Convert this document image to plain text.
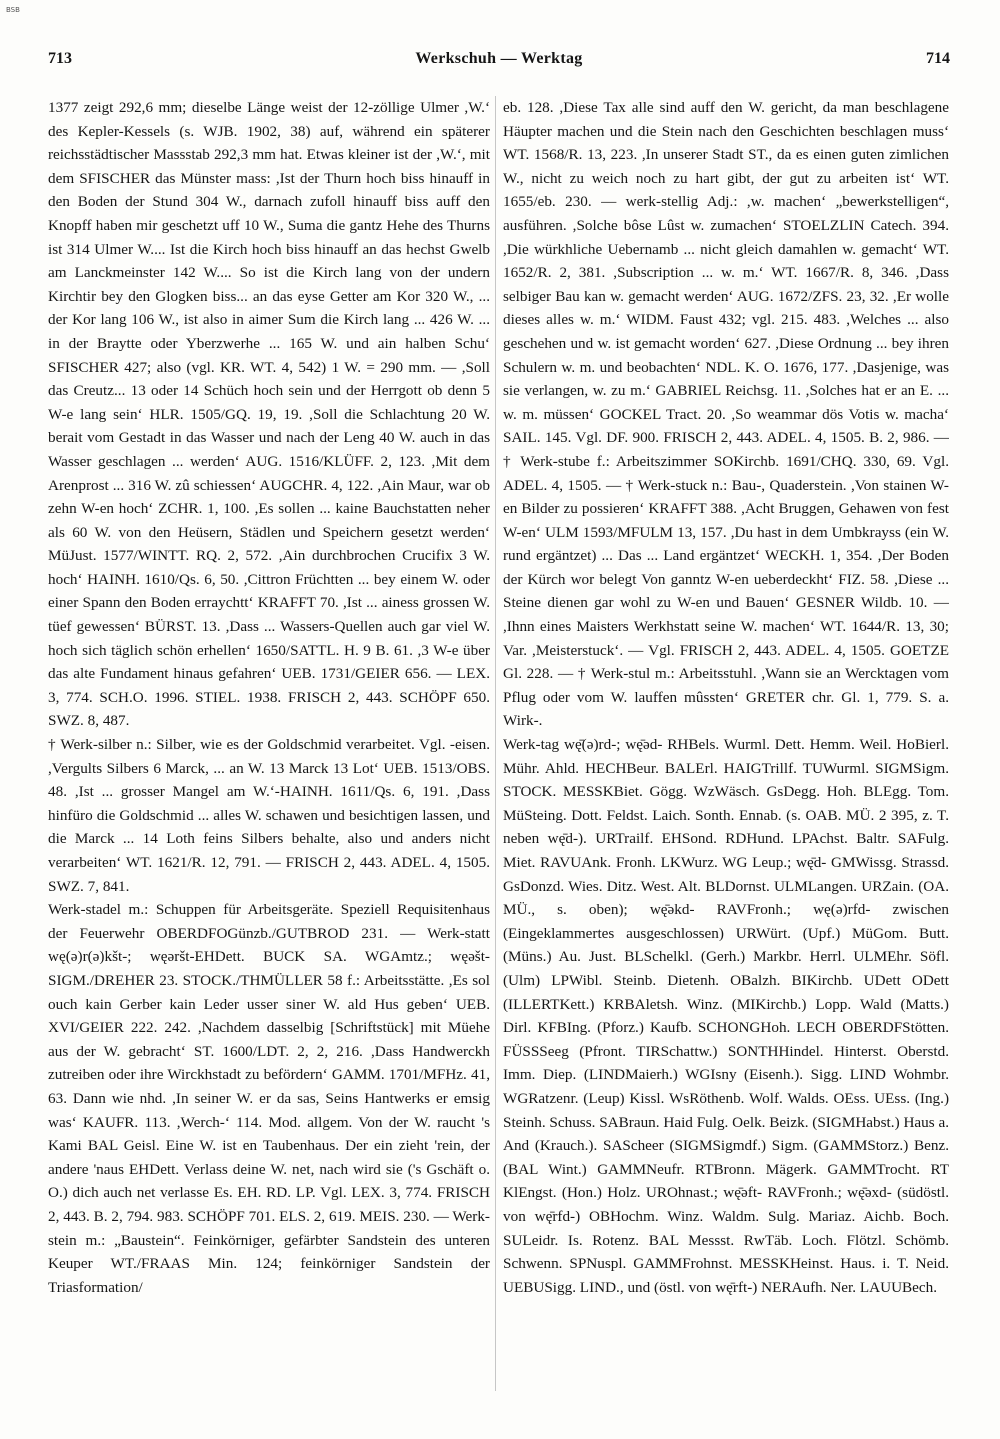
BSB
713	Werkschuh — Werktag	714

1377 zeigt 292,6 mm; dieselbe Länge weist der 12-zöllige Ulmer ,W.‘ des Kepler-Kessels (s. WJB. 1902, 38) auf, während ein späterer reichsstädtischer Massstab 292,3 mm hat. Etwas kleiner ist der ,W.‘, mit dem SFISCHER das Münster mass: ,Ist der Thurn hoch biss hinauff in den Boden der Stund 304 W., darnach zufoll hinauff biss auff den Knopff haben mir geschetzt uff 10 W., Suma die gantz Hehe des Thurns ist 314 Ulmer W.... Ist die Kirch hoch biss hinauff an das hechst Gwelb am Lanckmeinster 142 W.... So ist die Kirch lang von der undern Kirchtir bey den Glogken biss... an das eyse Getter am Kor 320 W., ... der Kor lang 106 W., ist also in aimer Sum die Kirch lang ... 426 W. ... in der Braytte oder Yberzwerhe ... 165 W. und ain halben Schu‘ SFISCHER 427; also (vgl. KR. WT. 4, 542) 1 W. = 290 mm. — ,Soll das Creutz... 13 oder 14 Schüch hoch sein und der Herrgott ob denn 5 W-e lang sein‘ HLR. 1505/GQ. 19, 19. ,Soll die Schlachtung 20 W. berait vom Gestadt in das Wasser und nach der Leng 40 W. auch in das Wasser geschlagen ... werden‘ AUG. 1516/KLÜFF. 2, 123. ,Mit dem Arenprost ... 316 W. zû schiessen‘ AUGCHR. 4, 122. ,Ain Maur, war ob zehn W-en hoch‘ ZCHR. 1, 100. ,Es sollen ... kaine Bauchstatten neher als 60 W. von den Heüsern, Städlen und Speichern gesetzt werden‘ MüJust. 1577/WINTT. RQ. 2, 572. ,Ain durchbrochen Crucifix 3 W. hoch‘ HAINH. 1610/Qs. 6, 50. ,Cittron Früchtten ... bey einem W. oder einer Spann den Boden erraychtt‘ KRAFFT 70. ,Ist ... ainess grossen W. tüef gewessen‘ BÜRST. 13. ,Dass ... Wassers-Quellen auch gar viel W. hoch sich täglich schön erhellen‘ 1650/SATTL. H. 9 B. 61. ,3 W-e über das alte Fundament hinaus gefahren‘ UEB. 1731/GEIER 656. — LEX. 3, 774. SCH.O. 1996. STIEL. 1938. FRISCH 2, 443. SCHÖPF 650. SWZ. 8, 487.

† Werk-silber n.: Silber, wie es der Goldschmid verarbeitet. Vgl. -eisen. ,Vergults Silbers 6 Marck, ... an W. 13 Marck 13 Lot‘ UEB. 1513/OBS. 48. ,Ist ... grosser Mangel am W.‘-HAINH. 1611/Qs. 6, 191. ,Dass hinfüro die Goldschmid ... alles W. schawen und besichtigen lassen, und die Marck ... 14 Loth feins Silbers behalte, also und anders nicht verarbeiten‘ WT. 1621/R. 12, 791. — FRISCH 2, 443. ADEL. 4, 1505. SWZ. 7, 841.

Werk-stadel m.: Schuppen für Arbeitsgeräte. Speziell Requisitenhaus der Feuerwehr OBERDFOGünzb./GUTBROD 231. — Werk-statt wę(ə)r(ə)kšt-; węəršt-EHDett. BUCK SA. WGAmtz.; węəšt- SIGM./DREHER 23. STOCK./THMÜLLER 58 f.: Arbeitsstätte. ,Es sol ouch kain Gerber kain Leder usser siner W. ald Hus geben‘ UEB. XVI/GEIER 222. 242. ,Nachdem dasselbig [Schriftstück] mit Müehe aus der W. gebracht‘ ST. 1600/LDT. 2, 2, 216. ,Dass Handwerckh zutreiben oder ihre Wirckhstadt zu befördern‘ GAMM. 1701/MFHz. 41, 63. Dann wie nhd. ,In seiner W. er da sas, Seins Hantwerks er emsig was‘ KAUFR. 113. ,Werch-‘ 114. Mod. allgem. Von der W. raucht 's Kami BAL Geisl. Eine W. ist en Taubenhaus. Der ein zieht 'rein, der andere 'naus EHDett. Verlass deine W. net, nach wird sie ('s Gschäft o. O.) dich auch net verlasse Es. EH. RD. LP. Vgl. LEX. 3, 774. FRISCH 2, 443. B. 2, 794. 983. SCHÖPF 701. ELS. 2, 619. MEIS. 230. — Werk-stein m.: „Baustein“. Feinkörniger, gefärbter Sandstein des unteren Keuper WT./FRAAS Min. 124; feinkörniger Sandstein der Triasformation/

eb. 128. ,Diese Tax alle sind auff den W. gericht, da man beschlagene Häupter machen und die Stein nach den Geschichten beschlagen muss‘ WT. 1568/R. 13, 223. ,In unserer Stadt ST., da es einen guten zimlichen W., nicht zu weich noch zu hart gibt, der gut zu arbeiten ist‘ WT. 1655/eb. 230. — werk-stellig Adj.: ,w. machen‘ „bewerkstelligen“, ausführen. ,Solche bôse Lûst w. zumachen‘ STOELZLIN Catech. 394. ,Die würkhliche Uebernamb ... nicht gleich damahlen w. gemacht‘ WT. 1652/R. 2, 381. ,Subscription ... w. m.‘ WT. 1667/R. 8, 346. ,Dass selbiger Bau kan w. gemacht werden‘ AUG. 1672/ZFS. 23, 32. ,Er wolle dieses alles w. m.‘ WIDM. Faust 432; vgl. 215. 483. ,Welches ... also geschehen und w. ist gemacht worden‘ 627. ,Diese Ordnung ... bey ihren Schulern w. m. und beobachten‘ NDL. K. O. 1676, 177. ,Dasjenige, was sie verlangen, w. zu m.‘ GABRIEL Reichsg. 11. ,Solches hat er an E. ... w. m. müssen‘ GOCKEL Tract. 20. ,So weammar dös Votis w. macha‘ SAIL. 145. Vgl. DF. 900. FRISCH 2, 443. ADEL. 4, 1505. B. 2, 986. — † Werk-stube f.: Arbeitszimmer SOKirchb. 1691/CHQ. 330, 69. Vgl. ADEL. 4, 1505. — † Werk-stuck n.: Bau-, Quaderstein. ,Von stainen W-en Bilder zu possieren‘ KRAFFT 388. ,Acht Bruggen, Gehawen von fest W-en‘ ULM 1593/MFULM 13, 157. ,Du hast in dem Umbkrayss (ein W. rund ergäntzet) ... Das ... Land ergäntzet‘ WECKH. 1, 354. ,Der Boden der Kürch wor belegt Von ganntz W-en ueberdeckht‘ FIZ. 58. ,Diese ... Steine dienen gar wohl zu W-en und Bauen‘ GESNER Wildb. 10. — ,Ihnn eines Maisters Werkhstatt seine W. machen‘ WT. 1644/R. 13, 30; Var. ,Meisterstuck‘. — Vgl. FRISCH 2, 443. ADEL. 4, 1505. GOETZE Gl. 228. — † Werk-stul m.: Arbeitsstuhl. ,Wann sie an Wercktagen vom Pflug oder vom W. lauffen mûssten‘ GRETER chr. Gl. 1, 779. S. a. Wirk-.

Werk-tag wę̄(ə)rd-; wę̄əd- RHBels. Wurml. Dett. Hemm. Weil. HoBierl. Mühr. Ahld. HECHBeur. BALErl. HAIGTrillf. TUWurml. SIGMSigm. STOCK. MESSKBiet. Gögg. WzWäsch. GsDegg. Hoh. BLEgg. Tom. MüSteing. Dott. Feldst. Laich. Sonth. Ennab. (s. OAB. MÜ. 2 395, z. T. neben wę̄d-). URTrailf. EHSond. RDHund. LPAchst. Baltr. SAFulg. Miet. RAVUAnk. Fronh. LKWurz. WG Leup.; wę̄d- GMWissg. Strassd. GsDonzd. Wies. Ditz. West. Alt. BLDornst. ULMLangen. URZain. (OA. MÜ., s. oben); wę̄əkd- RAVFronh.; wę(ə)rfd- zwischen (Eingeklammertes ausgeschlossen) URWürt. (Upf.) MüGom. Butt. (Müns.) Au. Just. BLSchelkl. (Gerh.) Markbr. Herrl. ULMEhr. Söfl. (Ulm) LPWibl. Steinb. Dietenh. OBalzh. BIKirchb. UDett ODett (ILLERTKett.) KRBAletsh. Winz. (MIKirchb.) Lopp. Wald (Matts.) Dirl. KFBIng. (Pforz.) Kaufb. SCHONGHoh. LECH OBERDFStötten. FÜSSSeeg (Pfront. TIRSchattw.) SONTHHindel. Hinterst. Oberstd. Imm. Diep. (LINDMaierh.) WGIsny (Eisenh.). Sigg. LIND Wohmbr. WGRatzenr. (Leup) Kissl. WsRöthenb. Wolf. Walds. OEss. UEss. (Ing.) Steinh. Schuss. SABraun. Haid Fulg. Oelk. Beizk. (SIGMHabst.) Haus a. And (Krauch.). SAScheer (SIGMSigmdf.) Sigm. (GAMMStorz.) Benz. (BAL Wint.) GAMMNeufr. RTBronn. Mägerk. GAMMTrocht. RT KlEngst. (Hon.) Holz. UROhnast.; wę̄əft- RAVFronh.; wę̄əxd- (südöstl. von wę̄rfd-) OBHochm. Winz. Waldm. Sulg. Mariaz. Aichb. Boch. SULeidr. Is. Rotenz. BAL Messst. RwTäb. Loch. Flötzl. Schömb. Schwenn. SPNuspl. GAMMFrohnst. MESSKHeinst. Haus. i. T. Neid. UEBUSigg. LIND., und (östl. von wę̄rft-) NERAufh. Ner. LAUUBech.
